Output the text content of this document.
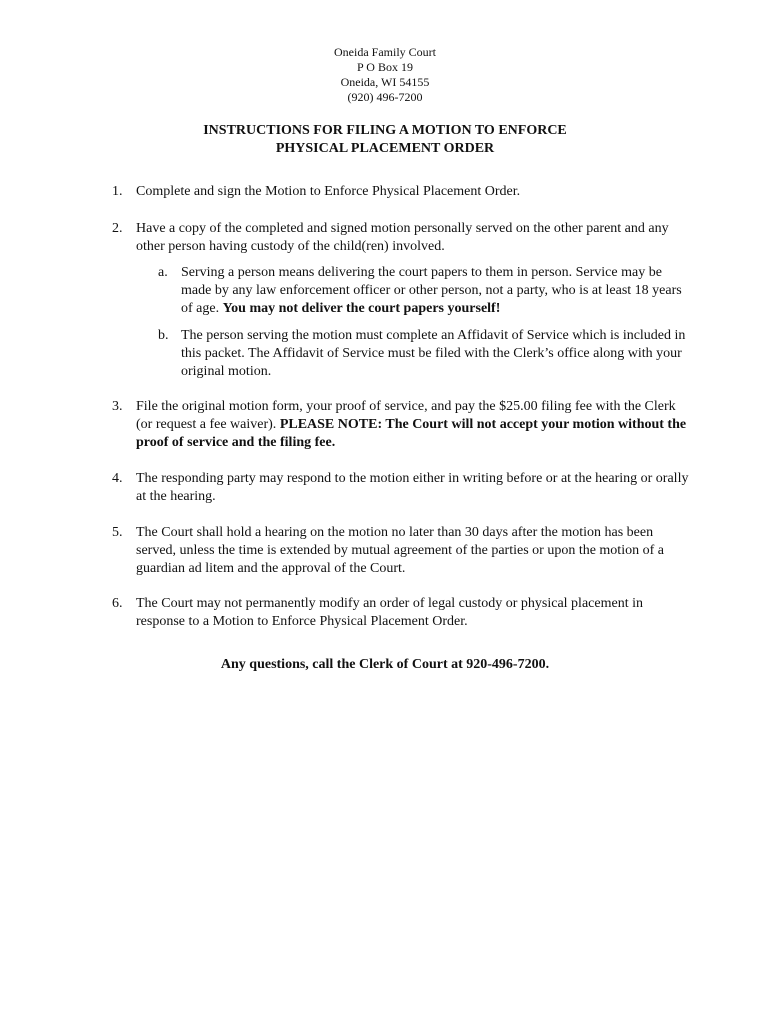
Oneida Family Court
P O Box 19
Oneida, WI 54155
(920) 496-7200
INSTRUCTIONS FOR FILING A MOTION TO ENFORCE
PHYSICAL PLACEMENT ORDER
1. Complete and sign the Motion to Enforce Physical Placement Order.
2. Have a copy of the completed and signed motion personally served on the other parent and any other person having custody of the child(ren) involved.
a. Serving a person means delivering the court papers to them in person. Service may be made by any law enforcement officer or other person, not a party, who is at least 18 years of age. You may not deliver the court papers yourself!
b. The person serving the motion must complete an Affidavit of Service which is included in this packet. The Affidavit of Service must be filed with the Clerk’s office along with your original motion.
3. File the original motion form, your proof of service, and pay the $25.00 filing fee with the Clerk (or request a fee waiver). PLEASE NOTE: The Court will not accept your motion without the proof of service and the filing fee.
4. The responding party may respond to the motion either in writing before or at the hearing or orally at the hearing.
5. The Court shall hold a hearing on the motion no later than 30 days after the motion has been served, unless the time is extended by mutual agreement of the parties or upon the motion of a guardian ad litem and the approval of the Court.
6. The Court may not permanently modify an order of legal custody or physical placement in response to a Motion to Enforce Physical Placement Order.
Any questions, call the Clerk of Court at 920-496-7200.
